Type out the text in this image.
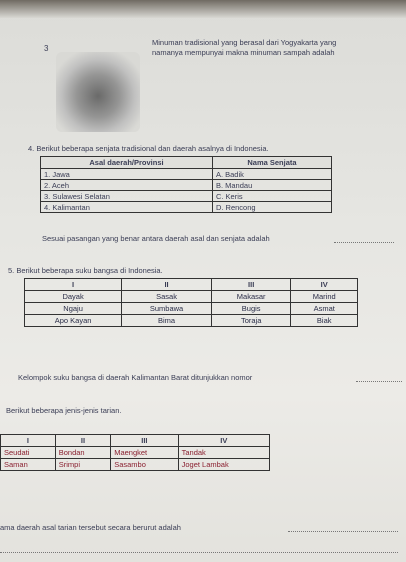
3
Minuman tradisional yang berasal dari Yogyakarta yang
namanya mempunyai makna minuman sampah adalah
4. Berikut beberapa senjata tradisional dan daerah asalnya di Indonesia.
Asal daerah/Provinsi	Nama Senjata
1. Jawa	A. Badik
2. Aceh	B. Mandau
3. Sulawesi Selatan	C. Keris
4. Kalimantan	D. Rencong
Sesuai pasangan yang benar antara daerah asal dan senjata adalah
5. Berikut beberapa suku bangsa di Indonesia.
I	II	III	IV
Dayak	Sasak	Makasar	Marind
Ngaju	Sumbawa	Bugis	Asmat
Apo Kayan	Bima	Toraja	Biak
Kelompok suku bangsa di daerah Kalimantan Barat ditunjukkan nomor
Berikut beberapa jenis-jenis tarian.
I	II	III	IV
Seudati	Bondan	Maengket	Tandak
Saman	Srimpi	Sasambo	Joget Lambak
ama daerah asal tarian tersebut secara berurut adalah
